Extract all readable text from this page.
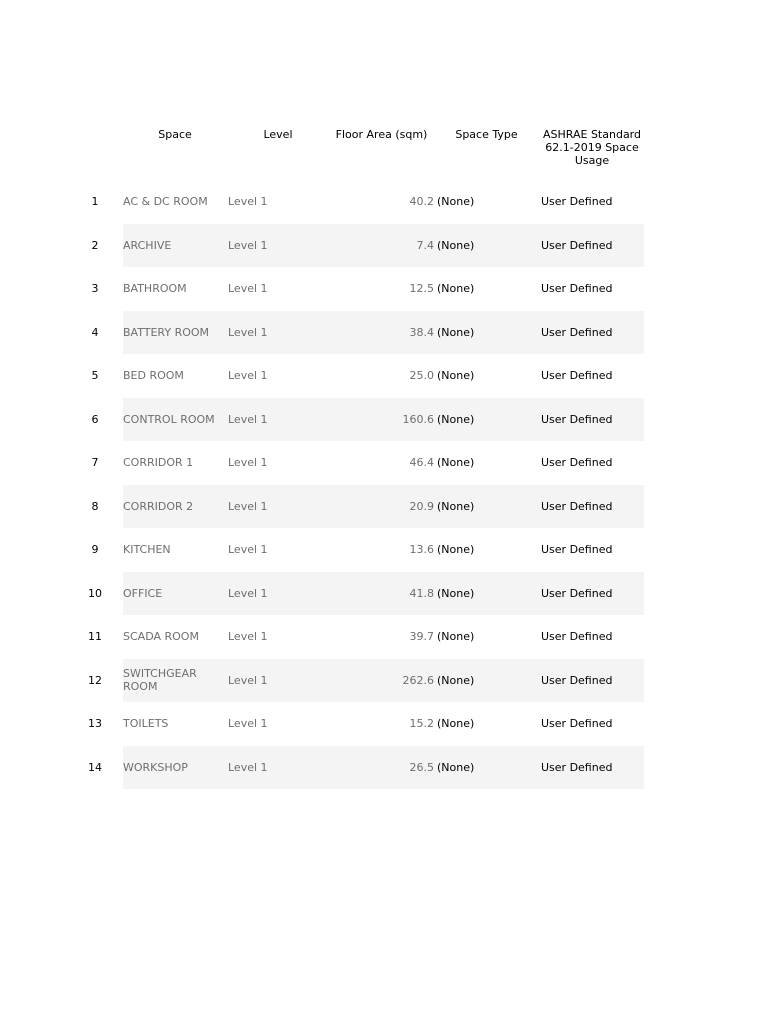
Space	Level	Floor Area (sqm)	Space Type	ASHRAE Standard 62.1-2019 Space Usage
1	AC & DC ROOM	Level 1	40.2 (None)	User Defined
2	ARCHIVE	Level 1	7.4 (None)	User Defined
3	BATHROOM	Level 1	12.5 (None)	User Defined
4	BATTERY ROOM	Level 1	38.4 (None)	User Defined
5	BED ROOM	Level 1	25.0 (None)	User Defined
6	CONTROL ROOM	Level 1	160.6 (None)	User Defined
7	CORRIDOR 1	Level 1	46.4 (None)	User Defined
8	CORRIDOR 2	Level 1	20.9 (None)	User Defined
9	KITCHEN	Level 1	13.6 (None)	User Defined
10	OFFICE	Level 1	41.8 (None)	User Defined
11	SCADA ROOM	Level 1	39.7 (None)	User Defined
12	SWITCHGEAR ROOM	Level 1	262.6 (None)	User Defined
13	TOILETS	Level 1	15.2 (None)	User Defined
14	WORKSHOP	Level 1	26.5 (None)	User Defined
